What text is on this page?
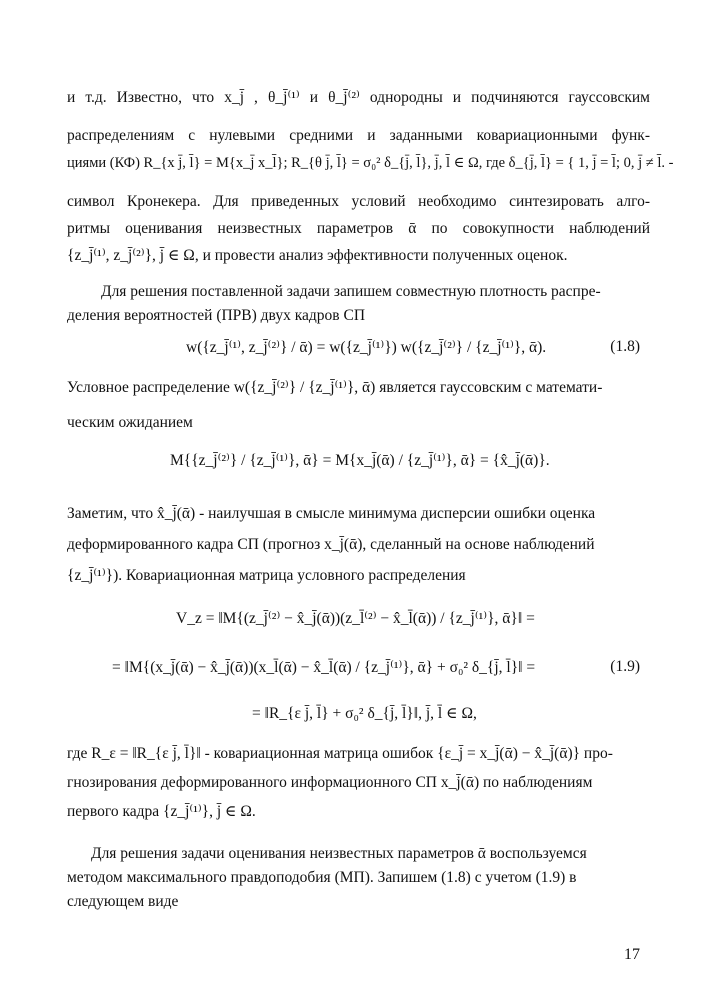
и т.д. Известно, что x_j̄ , θ_j̄⁽¹⁾ и θ_j̄⁽²⁾ однородны и подчиняются гауссовским
распределениям с нулевыми средними и заданными ковариационными функ-
циями (КФ) R_{x j̄, l̄} = M{x_j̄ x_l̄}; R_{θ j̄, l̄} = σ₀² δ_{j̄, l̄}, j̄, l̄ ∈ Ω, где δ_{j̄, l̄} = { 1, j̄ = l̄; 0, j̄ ≠ l̄. -
символ Кронекера. Для приведенных условий необходимо синтезировать алго-
ритмы оценивания неизвестных параметров ᾱ по совокупности наблюдений
{z_j̄⁽¹⁾, z_j̄⁽²⁾}, j̄ ∈ Ω, и провести анализ эффективности полученных оценок.
Для решения поставленной задачи запишем совместную плотность распре-
деления вероятностей (ПРВ) двух кадров СП
w({z_j̄⁽¹⁾, z_j̄⁽²⁾} / ᾱ) = w({z_j̄⁽¹⁾}) w({z_j̄⁽²⁾} / {z_j̄⁽¹⁾}, ᾱ).	(1.8)
Условное распределение w({z_j̄⁽²⁾} / {z_j̄⁽¹⁾}, ᾱ) является гауссовским с математи-
ческим ожиданием
M{{z_j̄⁽²⁾} / {z_j̄⁽¹⁾}, ᾱ} = M{x_j̄(ᾱ) / {z_j̄⁽¹⁾}, ᾱ} = {x̂_j̄(ᾱ)}.
Заметим, что x̂_j̄(ᾱ) - наилучшая в смысле минимума дисперсии ошибки оценка
деформированного кадра СП (прогноз x_j̄(ᾱ), сделанный на основе наблюдений
{z_j̄⁽¹⁾}). Ковариационная матрица условного распределения
V_z = ‖M{(z_j̄⁽²⁾ − x̂_j̄(ᾱ))(z_l̄⁽²⁾ − x̂_l̄(ᾱ)) / {z_j̄⁽¹⁾}, ᾱ}‖ =
= ‖M{(x_j̄(ᾱ) − x̂_j̄(ᾱ))(x_l̄(ᾱ) − x̂_l̄(ᾱ) / {z_j̄⁽¹⁾}, ᾱ} + σ₀² δ_{j̄, l̄}‖ =	(1.9)
= ‖R_{ε j̄, l̄} + σ₀² δ_{j̄, l̄}‖, j̄, l̄ ∈ Ω,
где R_ε = ‖R_{ε j̄, l̄}‖ - ковариационная матрица ошибок {ε_j̄ = x_j̄(ᾱ) − x̂_j̄(ᾱ)} про-
гнозирования деформированного информационного СП x_j̄(ᾱ) по наблюдениям
первого кадра {z_j̄⁽¹⁾}, j̄ ∈ Ω.
Для решения задачи оценивания неизвестных параметров ᾱ воспользуемся
методом максимального правдоподобия (МП). Запишем (1.8) с учетом (1.9) в
следующем виде
17
